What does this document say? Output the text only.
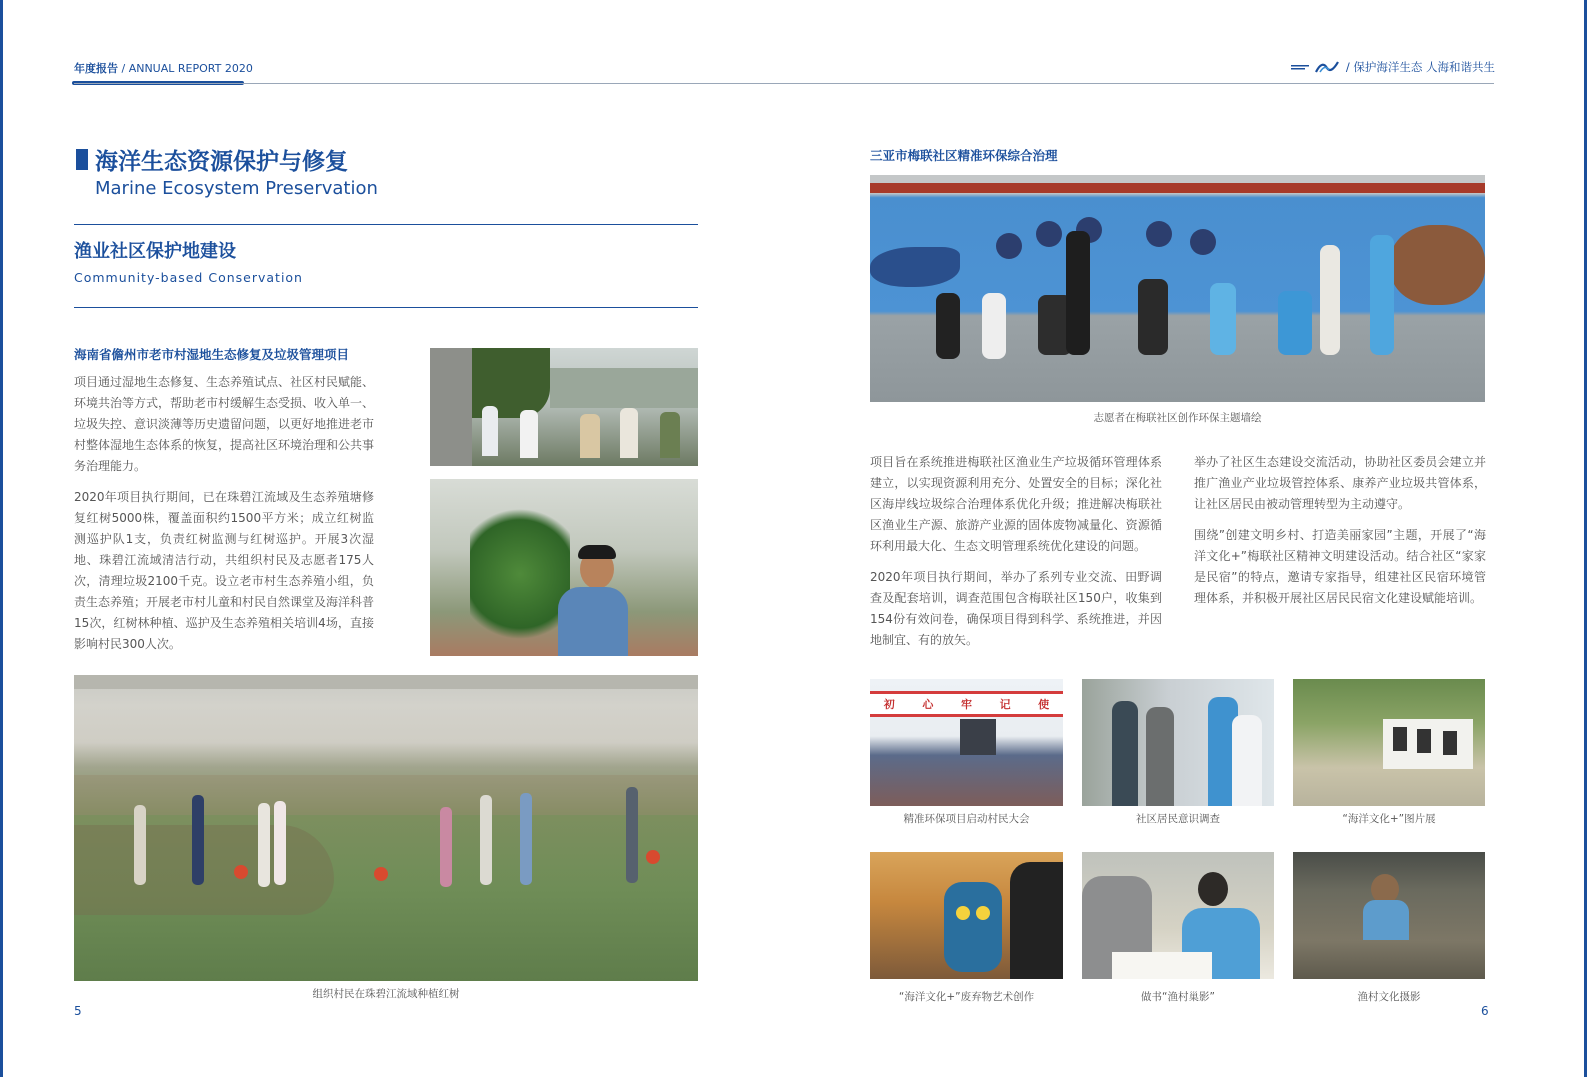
年度报告 / ANNUAL REPORT 2020	/ 保护海洋生态 人海和谐共生
海洋生态资源保护与修复
Marine Ecosystem Preservation
渔业社区保护地建设
Community-based Conservation
海南省儋州市老市村湿地生态修复及垃圾管理项目

项目通过湿地生态修复、生态养殖试点、社区村民赋能、环境共治等方式，帮助老市村缓解生态受损、收入单一、垃圾失控、意识淡薄等历史遗留问题，以更好地推进老市村整体湿地生态体系的恢复，提高社区环境治理和公共事务治理能力。

2020年项目执行期间，已在珠碧江流域及生态养殖塘修复红树5000株，覆盖面积约1500平方米；成立红树监测巡护队1支，负责红树监测与红树巡护。开展3次湿地、珠碧江流域清洁行动，共组织村民及志愿者175人次，清理垃圾2100千克。设立老市村生态养殖小组，负责生态养殖；开展老市村儿童和村民自然课堂及海洋科普15次，红树林种植、巡护及生态养殖相关培训4场，直接影响村民300人次。

组织村民在珠碧江流域种植红树
5
三亚市梅联社区精准环保综合治理
志愿者在梅联社区创作环保主题墙绘

项目旨在系统推进梅联社区渔业生产垃圾循环管理体系建立，以实现资源利用充分、处置安全的目标；深化社区海岸线垃圾综合治理体系优化升级；推进解决梅联社区渔业生产源、旅游产业源的固体废物减量化、资源循环利用最大化、生态文明管理系统优化建设的问题。

2020年项目执行期间，举办了系列专业交流、田野调查及配套培训，调查范围包含梅联社区150户，收集到154份有效问卷，确保项目得到科学、系统推进，并因地制宜、有的放矢。

举办了社区生态建设交流活动，协助社区委员会建立并推广渔业产业垃圾管控体系、康养产业垃圾共管体系，让社区居民由被动管理转型为主动遵守。

围绕”创建文明乡村、打造美丽家园”主题，开展了“海洋文化+”梅联社区精神文明建设活动。结合社区“家家是民宿”的特点，邀请专家指导，组建社区民宿环境管理体系，并积极开展社区居民民宿文化建设赋能培训。

初	心	牢	记	使
精准环保项目启动村民大会	社区居民意识调查	“海洋文化+”图片展
“海洋文化+”废弃物艺术创作	做书“渔村巢影”	渔村文化摄影
6
